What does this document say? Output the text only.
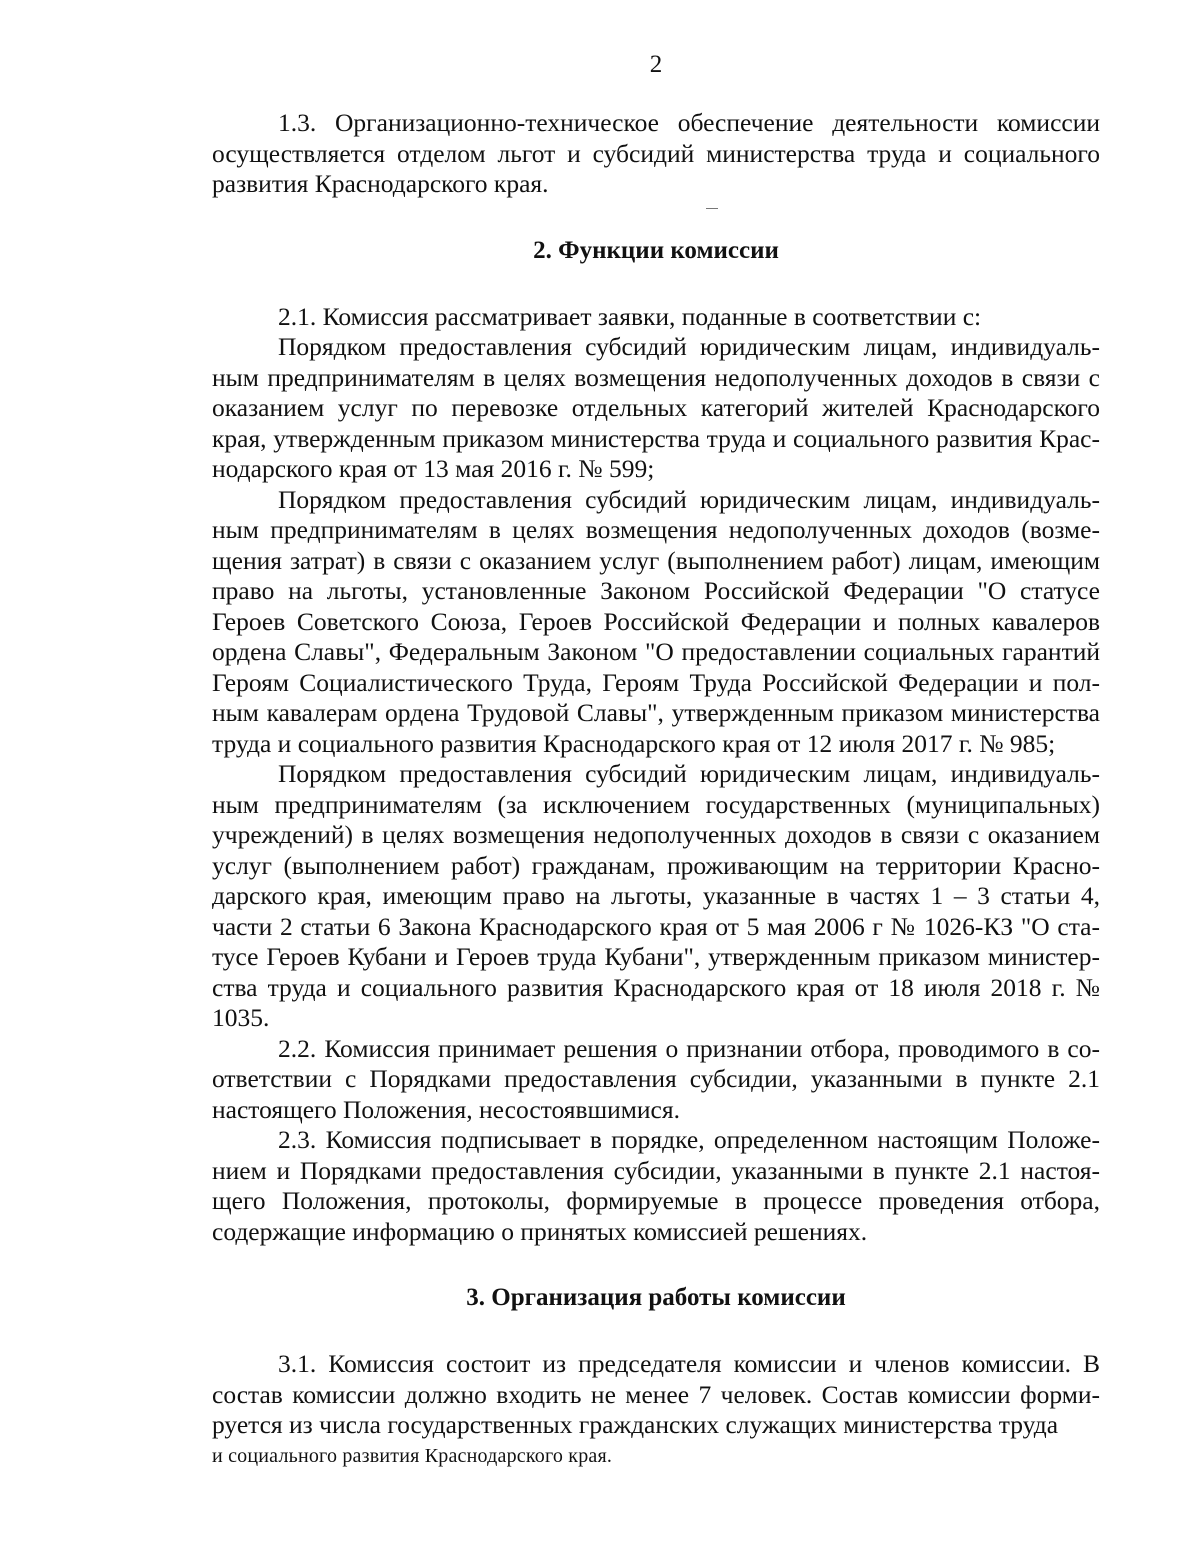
2

1.3. Организационно-техническое обеспечение деятельности комиссии осуществляется отделом льгот и субсидий министерства труда и социального развития Краснодарского края.

2. Функции комиссии

2.1. Комиссия рассматривает заявки, поданные в соответствии с:

Порядком предоставления субсидий юридическим лицам, индивидуальным предпринимателям в целях возмещения недополученных доходов в связи с оказанием услуг по перевозке отдельных категорий жителей Краснодарского края, утвержденным приказом министерства труда и социального развития Краснодарского края от 13 мая 2016 г. № 599;

Порядком предоставления субсидий юридическим лицам, индивидуальным предпринимателям в целях возмещения недополученных доходов (возмещения затрат) в связи с оказанием услуг (выполнением работ) лицам, имеющим право на льготы, установленные Законом Российской Федерации "О статусе Героев Советского Союза, Героев Российской Федерации и полных кавалеров ордена Славы", Федеральным Законом "О предоставлении социальных гарантий Героям Социалистического Труда, Героям Труда Российской Федерации и полным кавалерам ордена Трудовой Славы", утвержденным приказом министерства труда и социального развития Краснодарского края от 12 июля 2017 г. № 985;

Порядком предоставления субсидий юридическим лицам, индивидуальным предпринимателям (за исключением государственных (муниципальных) учреждений) в целях возмещения недополученных доходов в связи с оказанием услуг (выполнением работ) гражданам, проживающим на территории Краснодарского края, имеющим право на льготы, указанные в частях 1 – 3 статьи 4, части 2 статьи 6 Закона Краснодарского края от 5 мая 2006 г № 1026-КЗ "О статусе Героев Кубани и Героев труда Кубани", утвержденным приказом министерства труда и социального развития Краснодарского края от 18 июля 2018 г. № 1035.

2.2. Комиссия принимает решения о признании отбора, проводимого в соответствии с Порядками предоставления субсидии, указанными в пункте 2.1 настоящего Положения, несостоявшимися.

2.3. Комиссия подписывает в порядке, определенном настоящим Положением и Порядками предоставления субсидии, указанными в пункте 2.1 настоящего Положения, протоколы, формируемые в процессе проведения отбора, содержащие информацию о принятых комиссией решениях.

3. Организация работы комиссии

3.1. Комиссия состоит из председателя комиссии и членов комиссии. В состав комиссии должно входить не менее 7 человек. Состав комиссии формируется из числа государственных гражданских служащих министерства труда

и социального развития Краснодарского края.
